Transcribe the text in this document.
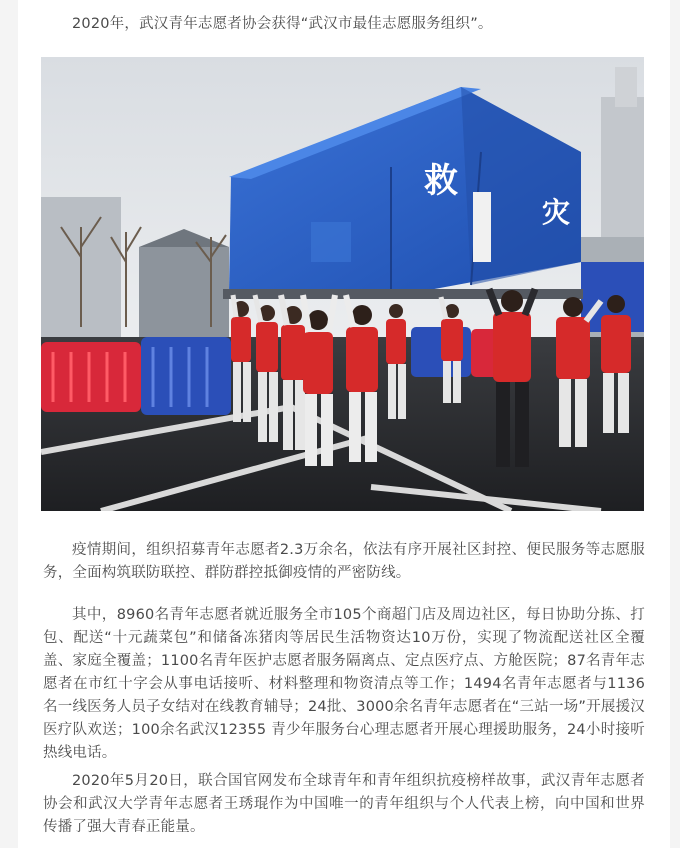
2020年，武汉青年志愿者协会获得“武汉市最佳志愿服务组织”。

救
灾

疫情期间，组织招募青年志愿者2.3万余名，依法有序开展社区封控、便民服务等志愿服务，全面构筑联防联控、群防群控抵御疫情的严密防线。

其中，8960名青年志愿者就近服务全市105个商超门店及周边社区，每日协助分拣、打包、配送“十元蔬菜包”和储备冻猪肉等居民生活物资达10万份，实现了物流配送社区全覆盖、家庭全覆盖；1100名青年医护志愿者服务隔离点、定点医疗点、方舱医院；87名青年志愿者在市红十字会从事电话接听、材料整理和物资清点等工作；1494名青年志愿者与1136名一线医务人员子女结对在线教育辅导；24批、3000余名青年志愿者在“三站一场”开展援汉医疗队欢送；100余名武汉12355 青少年服务台心理志愿者开展心理援助服务，24小时接听热线电话。

2020年5月20日，联合国官网发布全球青年和青年组织抗疫榜样故事，武汉青年志愿者协会和武汉大学青年志愿者王琇琨作为中国唯一的青年组织与个人代表上榜，向中国和世界传播了强大青春正能量。
